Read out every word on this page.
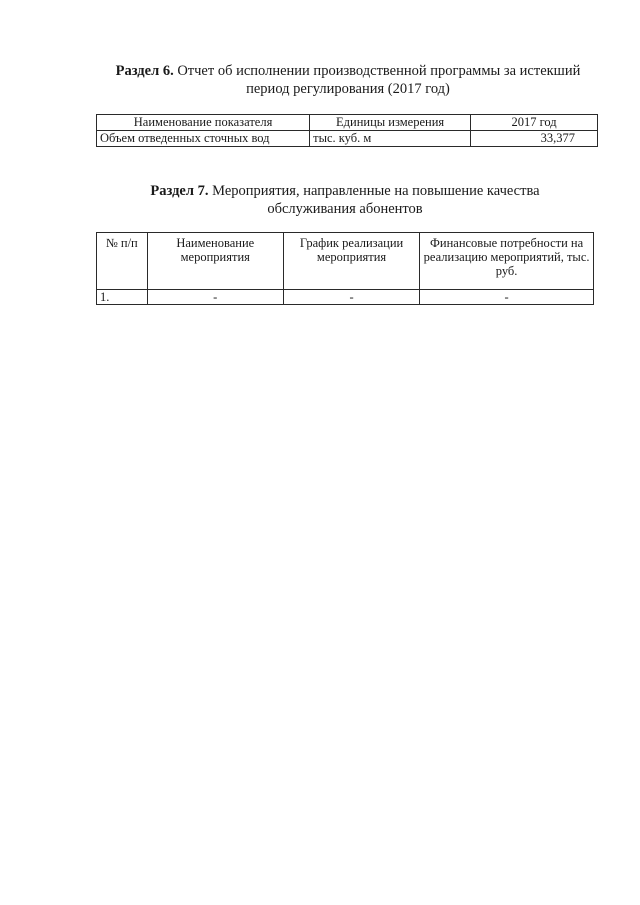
Раздел 6. Отчет об исполнении производственной программы за истекший период регулирования (2017 год)
Наименование показателя	Единицы измерения	2017 год
Объем отведенных сточных вод	тыс. куб. м	33,377
Раздел 7. Мероприятия, направленные на повышение качества обслуживания абонентов
№ п/п	Наименование мероприятия	График реализации мероприятия	Финансовые потребности на реализацию мероприятий, тыс. руб.
1.	-	-	-
